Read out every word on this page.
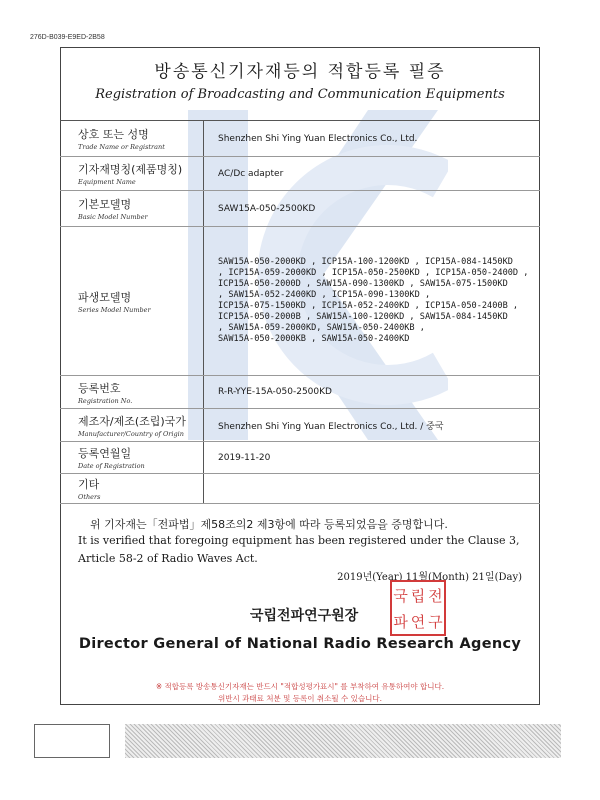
276D-B039-E9ED-2B58
방송통신기자재등의 적합등록 필증
Registration of Broadcasting and Communication Equipments
상호 또는 성명
Trade Name or Registrant
Shenzhen Shi Ying Yuan Electronics Co., Ltd.
기자재명칭(제품명칭)
Equipment Name
AC/Dc adapter
기본모델명
Basic Model Number
SAW15A-050-2500KD
파생모델명
Series Model Number
SAW15A-050-2000KD , ICP15A-100-1200KD , ICP15A-084-1450KD
, ICP15A-059-2000KD , ICP15A-050-2500KD , ICP15A-050-2400D ,
ICP15A-050-2000D , SAW15A-090-1300KD , SAW15A-075-1500KD
, SAW15A-052-2400KD , ICP15A-090-1300KD ,
ICP15A-075-1500KD , ICP15A-052-2400KD , ICP15A-050-2400B ,
ICP15A-050-2000B , SAW15A-100-1200KD , SAW15A-084-1450KD
, SAW15A-059-2000KD, SAW15A-050-2400KB ,
SAW15A-050-2000KB , SAW15A-050-2400KD
등록번호
Registration No.
R-R-YYE-15A-050-2500KD
제조자/제조(조립)국가
Manufacturer/Country of Origin
Shenzhen Shi Ying Yuan Electronics Co., Ltd. / 중국
등록연월일
Date of Registration
2019-11-20
기타
Others
위 기자재는「전파법」제58조의2 제3항에 따라 등록되었음을 증명합니다.
It is verified that foregoing equipment has been registered under the Clause 3, Article 58-2 of Radio Waves Act.
2019년(Year) 11월(Month) 21일(Day)
국립전파연구원장
국 립 전
파 연 구
Director General of National Radio Research Agency
※ 적합등록 방송통신기자재는 반드시 "적합성평가표시" 를 부착하여 유통하여야 합니다.
위반시 과태료 처분 및 등록이 취소될 수 있습니다.
